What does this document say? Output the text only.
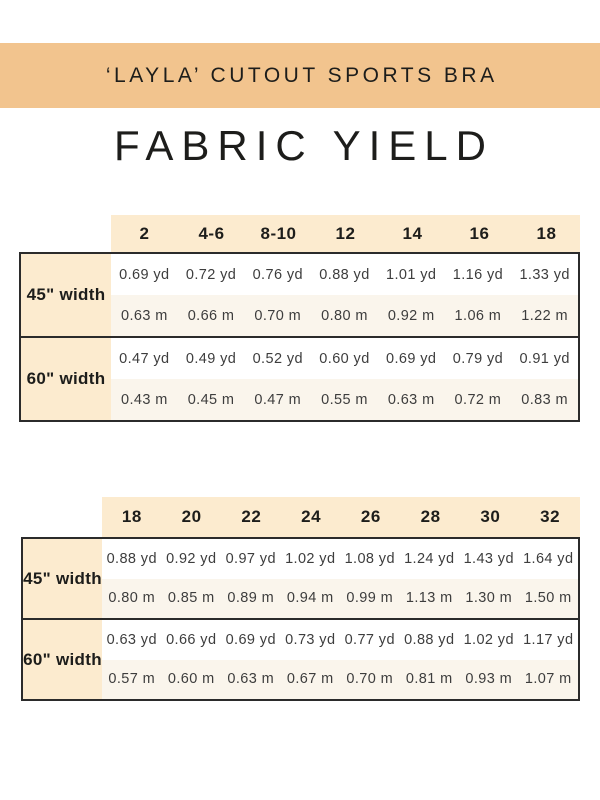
‘LAYLA’ CUTOUT SPORTS BRA
FABRIC YIELD
2	4-6	8-10	12	14	16	18
45" width
0.69 yd	0.72 yd	0.76 yd	0.88 yd	1.01 yd	1.16 yd	1.33 yd
0.63 m	0.66 m	0.70 m	0.80 m	0.92 m	1.06 m	1.22 m
60" width
0.47 yd	0.49 yd	0.52 yd	0.60 yd	0.69 yd	0.79 yd	0.91 yd
0.43 m	0.45 m	0.47 m	0.55 m	0.63 m	0.72 m	0.83 m
18	20	22	24	26	28	30	32
45" width
0.88 yd 0.92 yd 0.97 yd 1.02 yd 1.08 yd 1.24 yd 1.43 yd 1.64 yd
0.80 m 0.85 m 0.89 m 0.94 m 0.99 m 1.13 m 1.30 m 1.50 m
60" width
0.63 yd 0.66 yd 0.69 yd 0.73 yd 0.77 yd 0.88 yd 1.02 yd 1.17 yd
0.57 m 0.60 m 0.63 m 0.67 m 0.70 m 0.81 m 0.93 m 1.07 m
